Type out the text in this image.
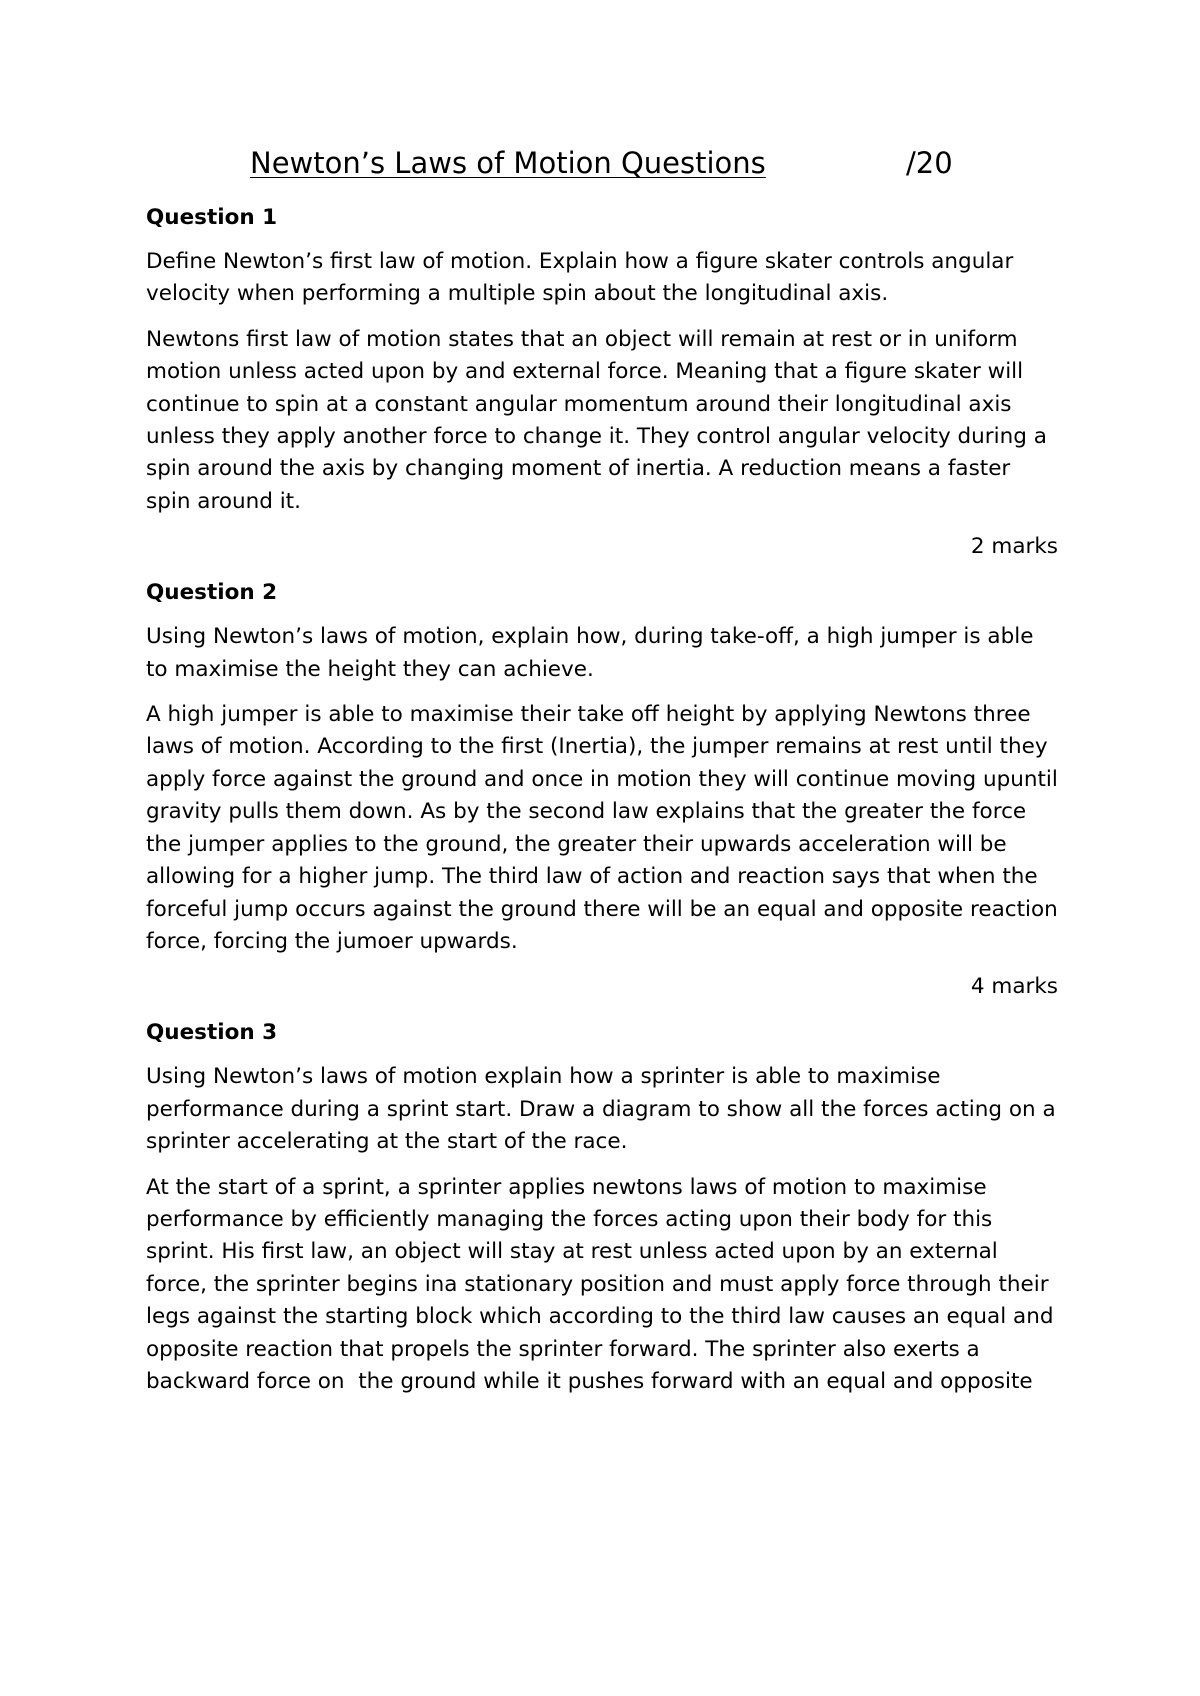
Newton’s Laws of Motion Questions	/20
Question 1

Define Newton’s first law of motion. Explain how a figure skater controls angular velocity when performing a multiple spin about the longitudinal axis.

Newtons first law of motion states that an object will remain at rest or in uniform motion unless acted upon by and external force. Meaning that a figure skater will continue to spin at a constant angular momentum around their longitudinal axis unless they apply another force to change it. They control angular velocity during a spin around the axis by changing moment of inertia. A reduction means a faster spin around it.

2 marks
Question 2

Using Newton’s laws of motion, explain how, during take-off, a high jumper is able to maximise the height they can achieve.

A high jumper is able to maximise their take off height by applying Newtons three laws of motion. According to the first (Inertia), the jumper remains at rest until they apply force against the ground and once in motion they will continue moving upuntil gravity pulls them down. As by the second law explains that the greater the force the jumper applies to the ground, the greater their upwards acceleration will be allowing for a higher jump. The third law of action and reaction says that when the forceful jump occurs against the ground there will be an equal and opposite reaction force, forcing the jumoer upwards.

4 marks
Question 3

Using Newton’s laws of motion explain how a sprinter is able to maximise performance during a sprint start. Draw a diagram to show all the forces acting on a sprinter accelerating at the start of the race.

At the start of a sprint, a sprinter applies newtons laws of motion to maximise performance by efficiently managing the forces acting upon their body for this sprint. His first law, an object will stay at rest unless acted upon by an external force, the sprinter begins ina stationary position and must apply force through their legs against the starting block which according to the third law causes an equal and opposite reaction that propels the sprinter forward. The sprinter also exerts a backward force on  the ground while it pushes forward with an equal and opposite
